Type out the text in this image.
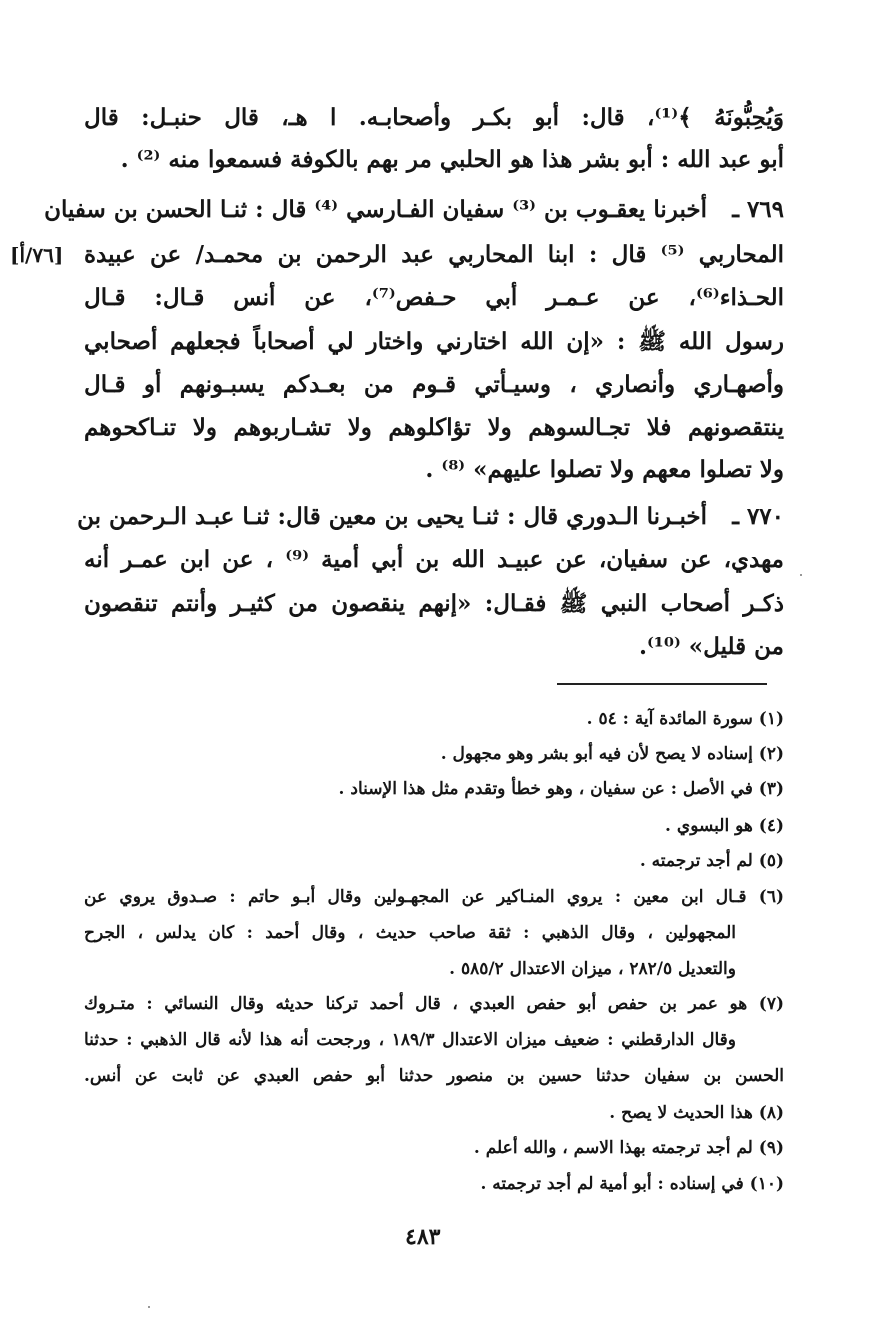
وَيُحِبُّونَهُ ﴾⁽¹⁾، قال: أبو بكـر وأصحابـه. ا هـ، قال حنبـل: قال
أبو عبد الله : أبو بشر هذا هو الحلبي مر بهم بالكوفة فسمعوا منه ⁽²⁾ .
٧٦٩ ـ
أخبرنا يعقـوب بن ⁽³⁾ سفيان الفـارسي ⁽⁴⁾ قال : ثنـا الحسن بن سفيان
المحاربي ⁽⁵⁾ قال : ابنا المحاربي عبد الرحمن بن محمـد/ عن عبيدة
[٧٦/أ]
الحـذاء⁽⁶⁾، عن عـمـر أبي حـفص⁽⁷⁾، عن أنس قـال: قـال
رسول الله ﷺ : «إن الله اختارني واختار لي أصحاباً فجعلهم أصحابي
وأصهـاري وأنصاري ، وسيـأتي قـوم من بعـدكم يسبـونهم أو قـال
ينتقصونهم فلا تجـالسوهم ولا تؤاكلوهم ولا تشـاربوهم ولا تنـاكحوهم
ولا تصلوا معهم ولا تصلوا عليهم» ⁽⁸⁾ .
٧٧٠ ـ
أخبـرنا الـدوري قال : ثنـا يحيى بن معين قال: ثنـا عبـد الـرحمن بن
مهدي، عن سفيان، عن عبيـد الله بن أبي أمية ⁽⁹⁾ ، عن ابن عمـر أنه
ذكـر أصحاب النبي ﷺ فقـال: «إنهم ينقصون من كثيـر وأنتم تنقصون
من قليل» ⁽¹⁰⁾.
(١) سورة المائدة آية : ٥٤ .
(٢) إسناده لا يصح لأن فيه أبو بشر وهو مجهول .
(٣) في الأصل : عن سفيان ، وهو خطأ وتقدم مثل هذا الإسناد .
(٤) هو البسوي .
(٥) لم أجد ترجمته .
(٦) قـال ابن معين : يروي المنـاكير عن المجهـولين وقال أبـو حاتم : صـدوق يروي عن
المجهولين ، وقال الذهبي : ثقة صاحب حديث ، وقال أحمد : كان يدلس ، الجرح
والتعديل ٢٨٢/٥ ، ميزان الاعتدال ٥٨٥/٢ .
(٧) هو عمر بن حفص أبو حفص العبدي ، قال أحمد تركنا حديثه وقال النسائي : متـروك
وقال الدارقطني : ضعيف ميزان الاعتدال ١٨٩/٣ ، ورجحت أنه هذا لأنه قال الذهبي : حدثنا
الحسن بن سفيان حدثنا حسين بن منصور حدثنا أبو حفص العبدي عن ثابت عن أنس.
(٨) هذا الحديث لا يصح .
(٩) لم أجد ترجمته بهذا الاسم ، والله أعلم .
(١٠) في إسناده : أبو أمية لم أجد ترجمته .
٤٨٣
